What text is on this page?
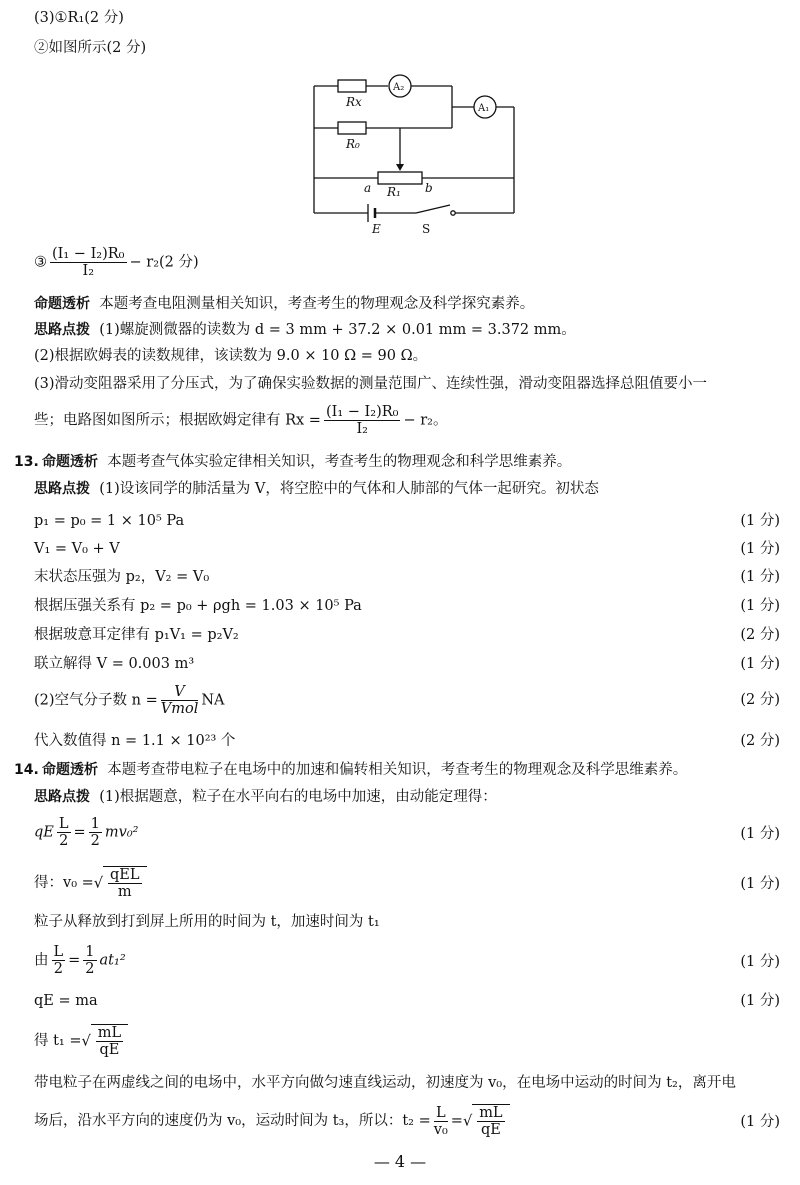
(3)①R₁(2 分)
②如图所示(2 分)
Rx
A₂
R₀
A₁
a R₁ b
E	S
③ $\frac{\text{(I₁ − I₂)R₀}}{\text{I₂}} - r_2(2$ 分)
命题透析 本题考查电阻测量相关知识，考查考生的物理观念及科学探究素养。
思路点拨 (1)螺旋测微器的读数为 d = 3 mm + 37.2 × 0.01 mm = 3.372 mm。
(2)根据欧姆表的读数规律，该读数为 9.0 × 10 Ω = 90 Ω。
(3)滑动变阻器采用了分压式，为了确保实验数据的测量范围广、连续性强，滑动变阻器选择总阻值要小一
些；电路图如图所示；根据欧姆定律有 $Rx = \frac{\text{(I₁ − I₂)R₀}}{\text{I₂}} - r_2$。
13. 命题透析 本题考查气体实验定律相关知识，考查考生的物理观念和科学思维素养。
思路点拨 (1)设该同学的肺活量为 V，将空腔中的气体和人肺部的气体一起研究。初状态
p₁ = p₀ = 1 × 10⁵ Pa	(1 分)
V₁ = V₀ + V	(1 分)
末状态压强为 p₂，V₂ = V₀	(1 分)
根据压强关系有 p₂ = p₀ + ρgh = 1.03 × 10⁵ Pa	(1 分)
根据玻意耳定律有 p₁V₁ = p₂V₂	(2 分)
联立解得 V = 0.003 m³	(1 分)
(2)空气分子数 $n = \frac{V}{\text{Vmol}}$ NA	(2 分)
代入数值得 n = 1.1 × 10²³ 个	(2 分)
14. 命题透析 本题考查带电粒子在电场中的加速和偏转相关知识，考查考生的物理观念及科学思维素养。
思路点拨 (1)根据题意，粒子在水平向右的电场中加速，由动能定理得：
qE $\frac{L}{2} = \frac{1}{2} mv_0^2$	(1 分)
得：v₀ =√ $\frac{\text{qEL}}{m}$	(1 分)
粒子从释放到打到屏上所用的时间为 t，加速时间为 t₁
由 $\frac{L}{2} = \frac{1}{2} at_1^2$	(1 分)
qE = ma	(1 分)
得 t₁ =√ $\frac{mL}{qE}$
带电粒子在两虚线之间的电场中，水平方向做匀速直线运动，初速度为 v₀，在电场中运动的时间为 t₂，离开电
场后，沿水平方向的速度仍为 v₀，运动时间为 t₃，所以：$t_2 = \frac{L}{\text{v₀}}$ =√ $\frac{mL}{qE}$	(1 分)
— 4 —
